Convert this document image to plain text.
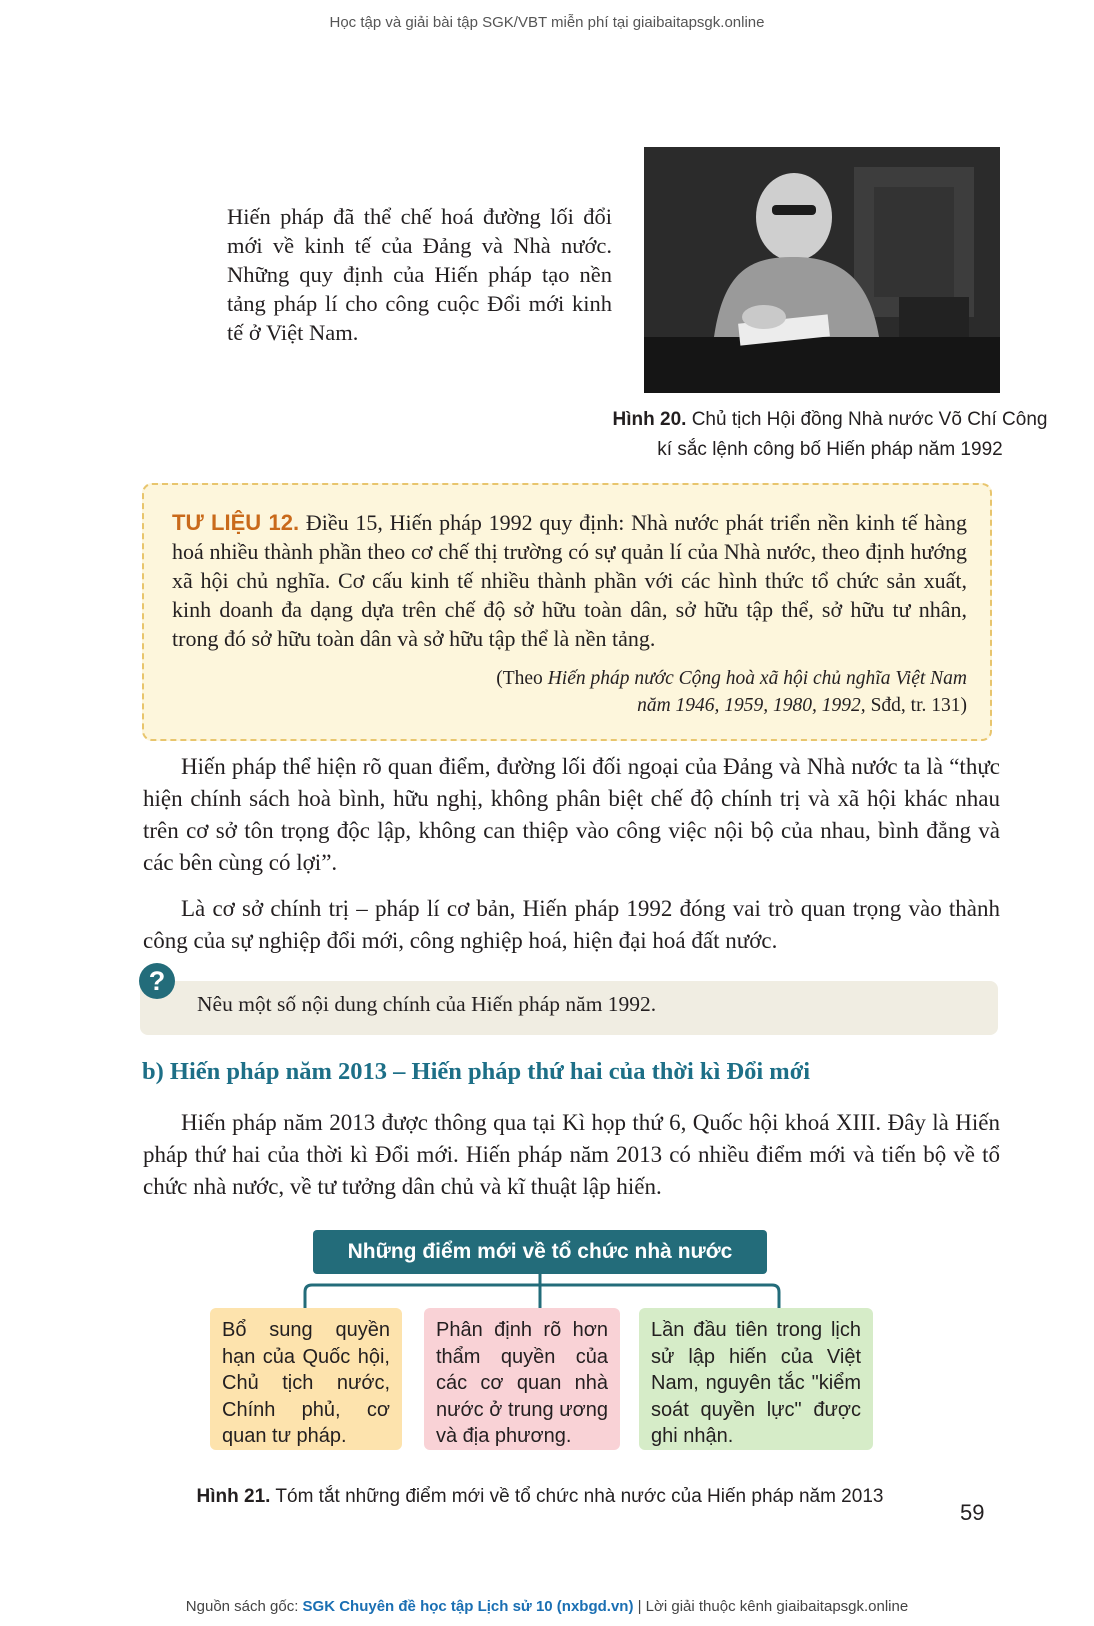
Học tập và giải bài tập SGK/VBT miễn phí tại giaibaitapsgk.online
Hiến pháp đã thể chế hoá đường lối đổi mới về kinh tế của Đảng và Nhà nước. Những quy định của Hiến pháp tạo nền tảng pháp lí cho công cuộc Đổi mới kinh tế ở Việt Nam.
Hình 20. Chủ tịch Hội đồng Nhà nước Võ Chí Công
kí sắc lệnh công bố Hiến pháp năm 1992
TƯ LIỆU 12. Điều 15, Hiến pháp 1992 quy định: Nhà nước phát triển nền kinh tế hàng hoá nhiều thành phần theo cơ chế thị trường có sự quản lí của Nhà nước, theo định hướng xã hội chủ nghĩa. Cơ cấu kinh tế nhiều thành phần với các hình thức tổ chức sản xuất, kinh doanh đa dạng dựa trên chế độ sở hữu toàn dân, sở hữu tập thể, sở hữu tư nhân, trong đó sở hữu toàn dân và sở hữu tập thể là nền tảng.
(Theo Hiến pháp nước Cộng hoà xã hội chủ nghĩa Việt Nam
năm 1946, 1959, 1980, 1992, Sđd, tr. 131)
Hiến pháp thể hiện rõ quan điểm, đường lối đối ngoại của Đảng và Nhà nước ta là “thực hiện chính sách hoà bình, hữu nghị, không phân biệt chế độ chính trị và xã hội khác nhau trên cơ sở tôn trọng độc lập, không can thiệp vào công việc nội bộ của nhau, bình đẳng và các bên cùng có lợi”.
Là cơ sở chính trị – pháp lí cơ bản, Hiến pháp 1992 đóng vai trò quan trọng vào thành công của sự nghiệp đổi mới, công nghiệp hoá, hiện đại hoá đất nước.
?
Nêu một số nội dung chính của Hiến pháp năm 1992.
b) Hiến pháp năm 2013 – Hiến pháp thứ hai của thời kì Đổi mới
Hiến pháp năm 2013 được thông qua tại Kì họp thứ 6, Quốc hội khoá XIII. Đây là Hiến pháp thứ hai của thời kì Đổi mới. Hiến pháp năm 2013 có nhiều điểm mới và tiến bộ về tổ chức nhà nước, về tư tưởng dân chủ và kĩ thuật lập hiến.
Những điểm mới về tổ chức nhà nước
Bổ sung quyền hạn của Quốc hội, Chủ tịch nước, Chính phủ, cơ quan tư pháp.
Phân định rõ hơn thẩm quyền của các cơ quan nhà nước ở trung ương và địa phương.
Lần đầu tiên trong lịch sử lập hiến của Việt Nam, nguyên tắc "kiểm soát quyền lực" được ghi nhận.
Hình 21. Tóm tắt những điểm mới về tổ chức nhà nước của Hiến pháp năm 2013
59
Nguồn sách gốc: SGK Chuyên đề học tập Lịch sử 10 (nxbgd.vn) | Lời giải thuộc kênh giaibaitapsgk.online
